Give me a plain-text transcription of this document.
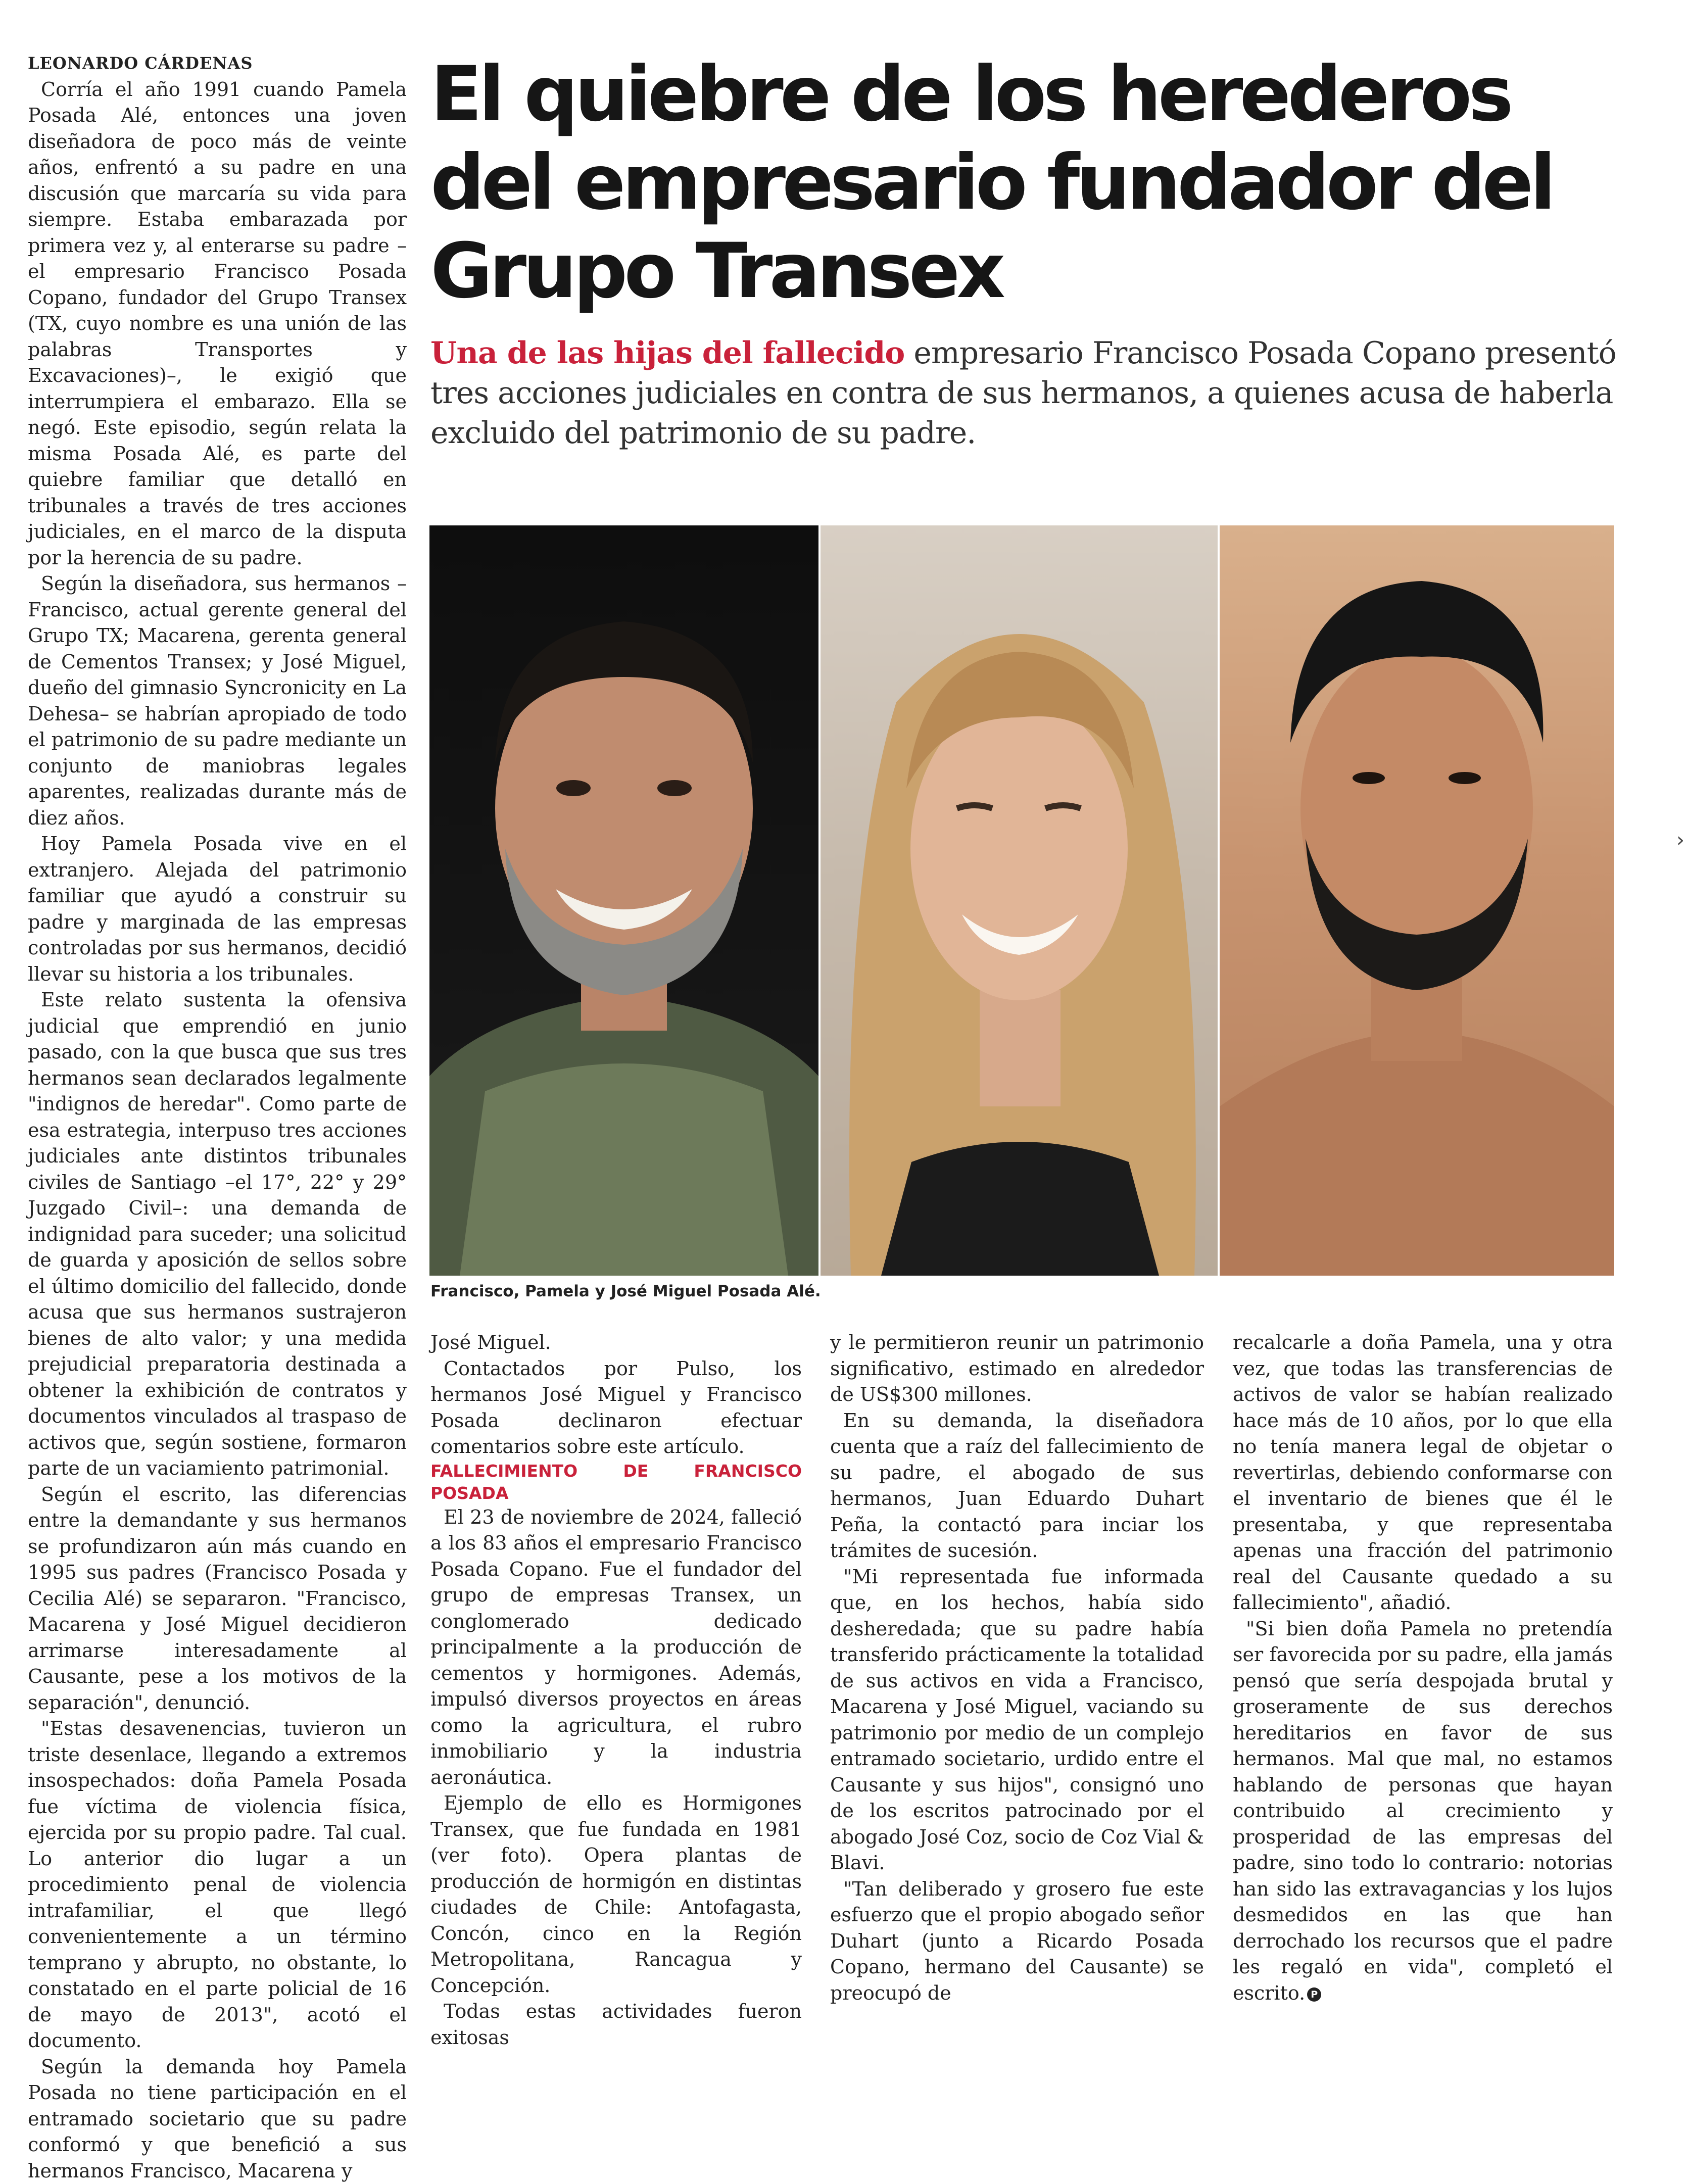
LEONARDO CÁRDENAS

Corría el año 1991 cuando Pamela Posada Alé, entonces una joven diseñadora de poco más de veinte años, enfrentó a su padre en una discusión que marcaría su vida para siempre. Estaba embarazada por primera vez y, al enterarse su padre –el empresario Francisco Posada Copano, fundador del Grupo Transex (TX, cuyo nombre es una unión de las palabras Transportes y Excavaciones)–, le exigió que interrumpiera el embarazo. Ella se negó. Este episodio, según relata la misma Posada Alé, es parte del quiebre familiar que detalló en tribunales a través de tres acciones judiciales, en el marco de la disputa por la herencia de su padre.

Según la diseñadora, sus hermanos –Francisco, actual gerente general del Grupo TX; Macarena, gerenta general de Cementos Transex; y José Miguel, dueño del gimnasio Syncronicity en La Dehesa– se habrían apropiado de todo el patrimonio de su padre mediante un conjunto de maniobras legales aparentes, realizadas durante más de diez años.

Hoy Pamela Posada vive en el extranjero. Alejada del patrimonio familiar que ayudó a construir su padre y marginada de las empresas controladas por sus hermanos, decidió llevar su historia a los tribunales.

Este relato sustenta la ofensiva judicial que emprendió en junio pasado, con la que busca que sus tres hermanos sean declarados legalmente "indignos de heredar". Como parte de esa estrategia, interpuso tres acciones judiciales ante distintos tribunales civiles de Santiago –el 17°, 22° y 29° Juzgado Civil–: una demanda de indignidad para suceder; una solicitud de guarda y aposición de sellos sobre el último domicilio del fallecido, donde acusa que sus hermanos sustrajeron bienes de alto valor; y una medida prejudicial preparatoria destinada a obtener la exhibición de contratos y documentos vinculados al traspaso de activos que, según sostiene, formaron parte de un vaciamiento patrimonial.

Según el escrito, las diferencias entre la demandante y sus hermanos se profundizaron aún más cuando en 1995 sus padres (Francisco Posada y Cecilia Alé) se separaron. "Francisco, Macarena y José Miguel decidieron arrimarse interesadamente al Causante, pese a los motivos de la separación", denunció.

"Estas desavenencias, tuvieron un triste desenlace, llegando a extremos insospechados: doña Pamela Posada fue víctima de violencia física, ejercida por su propio padre. Tal cual. Lo anterior dio lugar a un procedimiento penal de violencia intrafamiliar, el que llegó convenientemente a un término temprano y abrupto, no obstante, lo constatado en el parte policial de 16 de mayo de 2013", acotó el documento.

Según la demanda hoy Pamela Posada no tiene participación en el entramado societario que su padre conformó y que benefició a sus hermanos Francisco, Macarena y

El quiebre de los herederos del empresario fundador del Grupo Transex

Una de las hijas del fallecido empresario Francisco Posada Copano presentó tres acciones judiciales en contra de sus hermanos, a quienes acusa de haberla excluido del patrimonio de su padre.

Francisco, Pamela y José Miguel Posada Alé.

José Miguel.

Contactados por Pulso, los hermanos José Miguel y Francisco Posada declinaron efectuar comentarios sobre este artículo.

FALLECIMIENTO DE FRANCISCO POSADA

El 23 de noviembre de 2024, falleció a los 83 años el empresario Francisco Posada Copano. Fue el fundador del grupo de empresas Transex, un conglomerado dedicado principalmente a la producción de cementos y hormigones. Además, impulsó diversos proyectos en áreas como la agricultura, el rubro inmobiliario y la industria aeronáutica.

Ejemplo de ello es Hormigones Transex, que fue fundada en 1981 (ver foto). Opera plantas de producción de hormigón en distintas ciudades de Chile: Antofagasta, Concón, cinco en la Región Metropolitana, Rancagua y Concepción.

Todas estas actividades fueron exitosas

y le permitieron reunir un patrimonio significativo, estimado en alrededor de US$300 millones.

En su demanda, la diseñadora cuenta que a raíz del fallecimiento de su padre, el abogado de sus hermanos, Juan Eduardo Duhart Peña, la contactó para inciar los trámites de sucesión.

"Mi representada fue informada que, en los hechos, había sido desheredada; que su padre había transferido prácticamente la totalidad de sus activos en vida a Francisco, Macarena y José Miguel, vaciando su patrimonio por medio de un complejo entramado societario, urdido entre el Causante y sus hijos", consignó uno de los escritos patrocinado por el abogado José Coz, socio de Coz Vial & Blavi.

"Tan deliberado y grosero fue este esfuerzo que el propio abogado señor Duhart (junto a Ricardo Posada Copano, hermano del Causante) se preocupó de

recalcarle a doña Pamela, una y otra vez, que todas las transferencias de activos de valor se habían realizado hace más de 10 años, por lo que ella no tenía manera legal de objetar o revertirlas, debiendo conformarse con el inventario de bienes que él le presentaba, y que representaba apenas una fracción del patrimonio real del Causante quedado a su fallecimiento", añadió.

"Si bien doña Pamela no pretendía ser favorecida por su padre, ella jamás pensó que sería despojada brutal y groseramente de sus derechos hereditarios en favor de sus hermanos. Mal que mal, no estamos hablando de personas que hayan contribuido al crecimiento y prosperidad de las empresas del padre, sino todo lo contrario: notorias han sido las extravagancias y los lujos desmedidos en las que han derrochado los recursos que el padre les regaló en vida", completó el escrito. P

›
